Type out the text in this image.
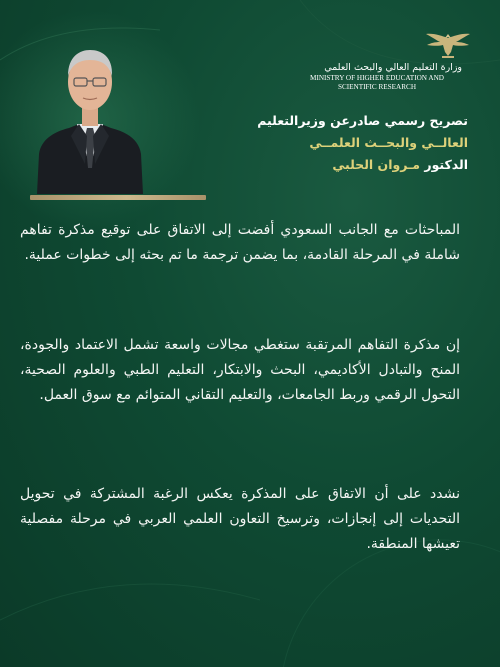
وزارة التعليم العالي والبحث العلمي
MINISTRY OF HIGHER EDUCATION AND
SCIENTIFIC RESEARCH
تصريح رسمي صادرعن وزيرالتعليم
العالــي والبحــث العلمــي
الدكتور مـروان الحلبي
المباحثات مع الجانب السعودي أفضت إلى الاتفاق على توقيع مذكرة تفاهم شاملة في المرحلة القادمة، بما يضمن ترجمة ما تم بحثه إلى خطوات عملية.
إن مذكرة التفاهم المرتقبة ستغطي مجالات واسعة تشمل الاعتماد والجودة، المنح والتبادل الأكاديمي، البحث والابتكار، التعليم الطبي والعلوم الصحية، التحول الرقمي وربط الجامعات، والتعليم التقاني المتوائم مع سوق العمل.
نشدد على أن الاتفاق على المذكرة يعكس الرغبة المشتركة في تحويل التحديات إلى إنجازات، وترسيخ التعاون العلمي العربي في مرحلة مفصلية تعيشها المنطقة.
